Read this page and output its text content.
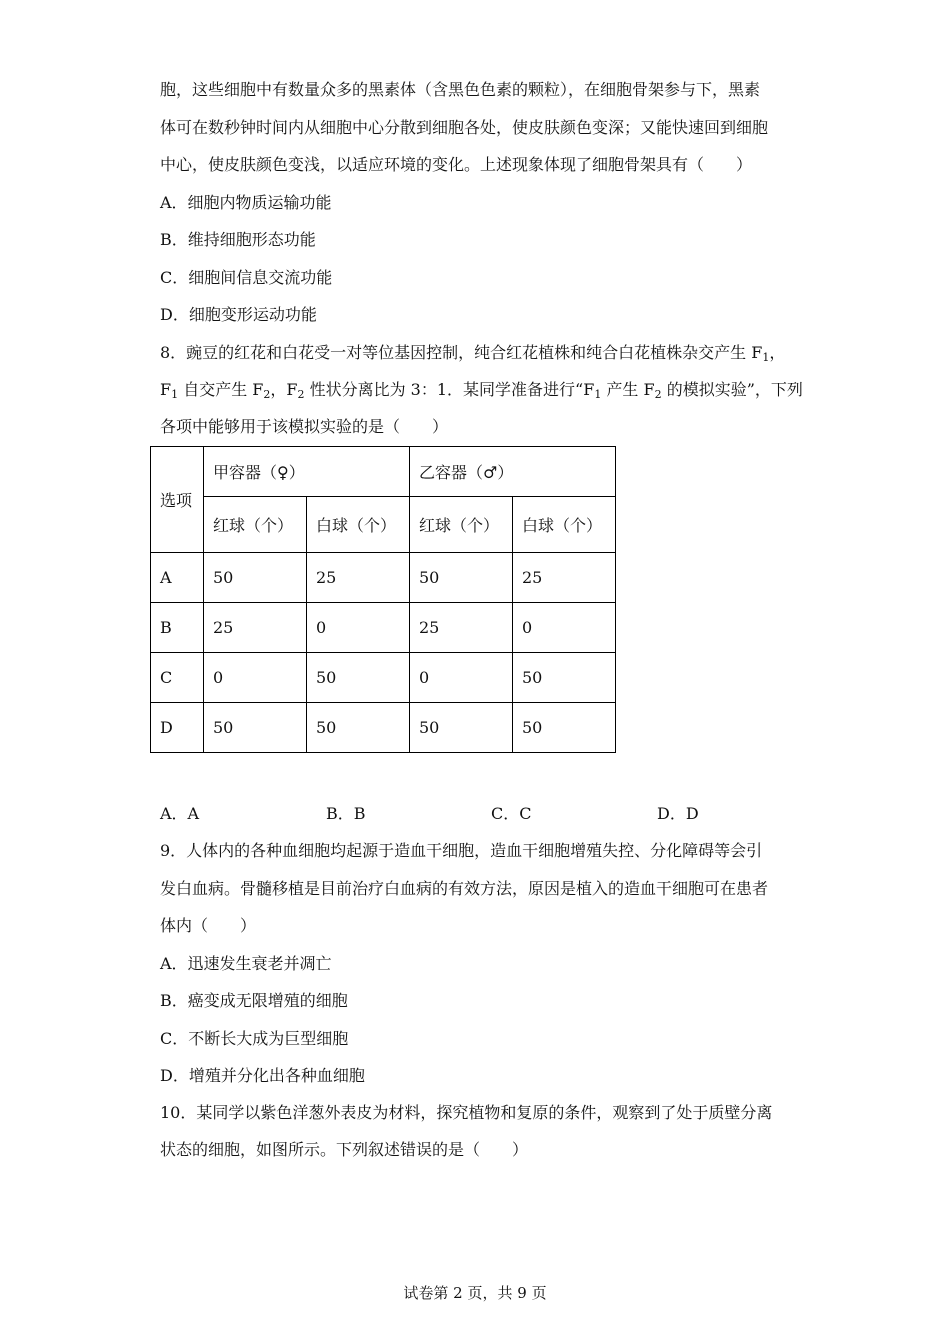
胞，这些细胞中有数量众多的黑素体（含黑色色素的颗粒），在细胞骨架参与下，黑素
体可在数秒钟时间内从细胞中心分散到细胞各处，使皮肤颜色变深；又能快速回到细胞
中心，使皮肤颜色变浅，以适应环境的变化。上述现象体现了细胞骨架具有（　　）
A．细胞内物质运输功能
B．维持细胞形态功能
C．细胞间信息交流功能
D．细胞变形运动功能
8．豌豆的红花和白花受一对等位基因控制，纯合红花植株和纯合白花植株杂交产生 $F_1$，
$F_1$ 自交产生 $F_2$，$F_2$ 性状分离比为 3：1．某同学准备进行“$F_1$ 产生 $F_2$ 的模拟实验”，下列
各项中能够用于该模拟实验的是（　　）
选项	甲容器（♀）		乙容器（♂）	
	红球（个）	白球（个）	红球（个）	白球（个）
A	50	25	50	25
B	25	0	25	0
C	0	50	0	50
D	50	50	50	50
A．A	B．B	C．C	D．D
9．人体内的各种血细胞均起源于造血干细胞，造血干细胞增殖失控、分化障碍等会引
发白血病。骨髓移植是目前治疗白血病的有效方法，原因是植入的造血干细胞可在患者
体内（　　）
A．迅速发生衰老并凋亡
B．癌变成无限增殖的细胞
C．不断长大成为巨型细胞
D．增殖并分化出各种血细胞
10．某同学以紫色洋葱外表皮为材料，探究植物和复原的条件，观察到了处于质壁分离
状态的细胞，如图所示。下列叙述错误的是（　　）
试卷第 2 页，共 9 页
